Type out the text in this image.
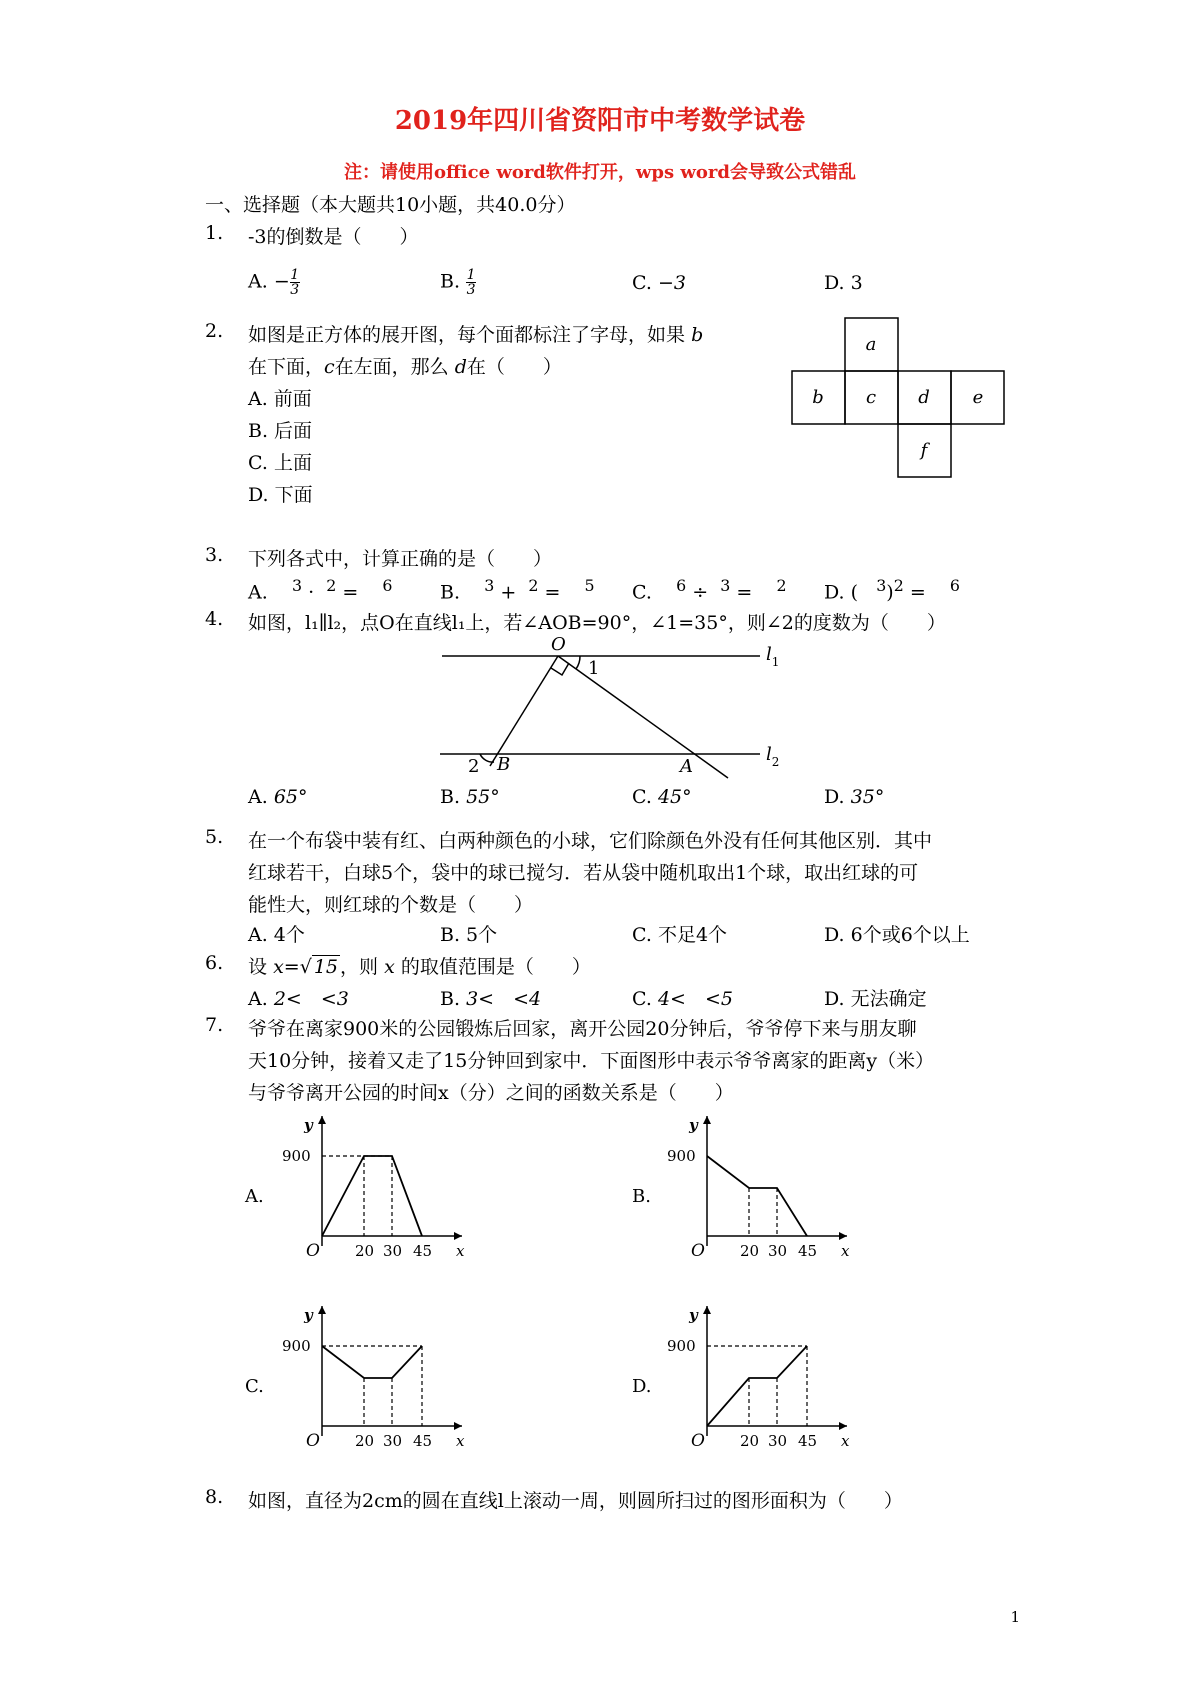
2019年四川省资阳市中考数学试卷
注：请使用office word软件打开，wps word会导致公式错乱
一、选择题（本大题共10小题，共40.0分）
1. -3的倒数是（　　）
A. − $\frac{1}{3}$	B. $\frac{1}{3}$	C. −3	D. 3
2. 如图是正方体的展开图，每个面都标注了字母，如果 b
在下面，c在左面，那么 d在（　　）
A. 前面
B. 后面
C. 上面
D. 下面
a
b c d e
f
3. 下列各式中，计算正确的是（　　）
A. $^3$ · $^2$ = $^6$	B. $^3$ + $^2$ = $^5$ C. $^6$ ÷ $^3$ = $^2$ D. ( $^3$)$^2$ = $^6$
4. 如图，l₁∥l₂，点O在直线l₁上，若∠AOB=90°，∠1=35°，则∠2的度数为（　　）
O
1
2 B	A
$l_1$
$l_2$
A. 65°	B. 55°	C. 45°	D. 35°
5. 在一个布袋中装有红、白两种颜色的小球，它们除颜色外没有任何其他区别．其中
红球若干，白球5个，袋中的球已搅匀．若从袋中随机取出1个球，取出红球的可
能性大，则红球的个数是（　　）
A. 4个	B. 5个	C. 不足4个	D. 6个或6个以上
6. 设 x=√ 15 ，则 x 的取值范围是（　　）
A. 2<　<3	B. 3<　<4	C. 4<　<5	D. 无法确定
7. 爷爷在离家900米的公园锻炼后回家，离开公园20分钟后，爷爷停下来与朋友聊
天10分钟，接着又走了15分钟回到家中．下面图形中表示爷爷离家的距离y（米）
与爷爷离开公园的时间x（分）之间的函数关系是（　　）
A.	B.
C.	D.
y
x
O
900
20 30 45
y
x
O
900
20 30 45
y
x
O
900
20 30 45
y
x
O
900
20 30 45
8. 如图，直径为2cm的圆在直线l上滚动一周，则圆所扫过的图形面积为（　　）
1
